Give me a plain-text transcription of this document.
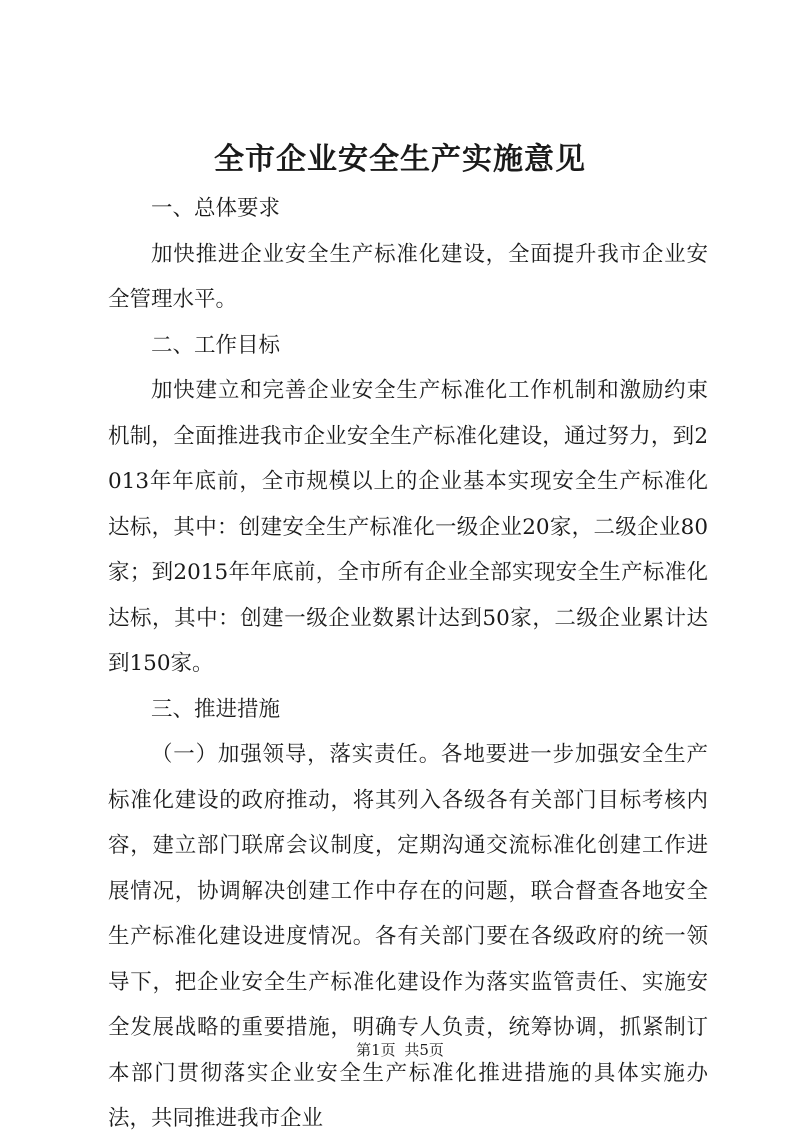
全市企业安全生产实施意见

一、总体要求

加快推进企业安全生产标准化建设，全面提升我市企业安全管理水平。

二、工作目标

加快建立和完善企业安全生产标准化工作机制和激励约束机制，全面推进我市企业安全生产标准化建设，通过努力，到2013年年底前，全市规模以上的企业基本实现安全生产标准化达标，其中：创建安全生产标准化一级企业20家，二级企业80家；到2015年年底前，全市所有企业全部实现安全生产标准化达标，其中：创建一级企业数累计达到50家，二级企业累计达到150家。

三、推进措施

（一）加强领导，落实责任。各地要进一步加强安全生产标准化建设的政府推动，将其列入各级各有关部门目标考核内容，建立部门联席会议制度，定期沟通交流标准化创建工作进展情况，协调解决创建工作中存在的问题，联合督查各地安全生产标准化建设进度情况。各有关部门要在各级政府的统一领导下，把企业安全生产标准化建设作为落实监管责任、实施安全发展战略的重要措施，明确专人负责，统筹协调，抓紧制订本部门贯彻落实企业安全生产标准化推进措施的具体实施办法，共同推进我市企业

第1页 共5页
